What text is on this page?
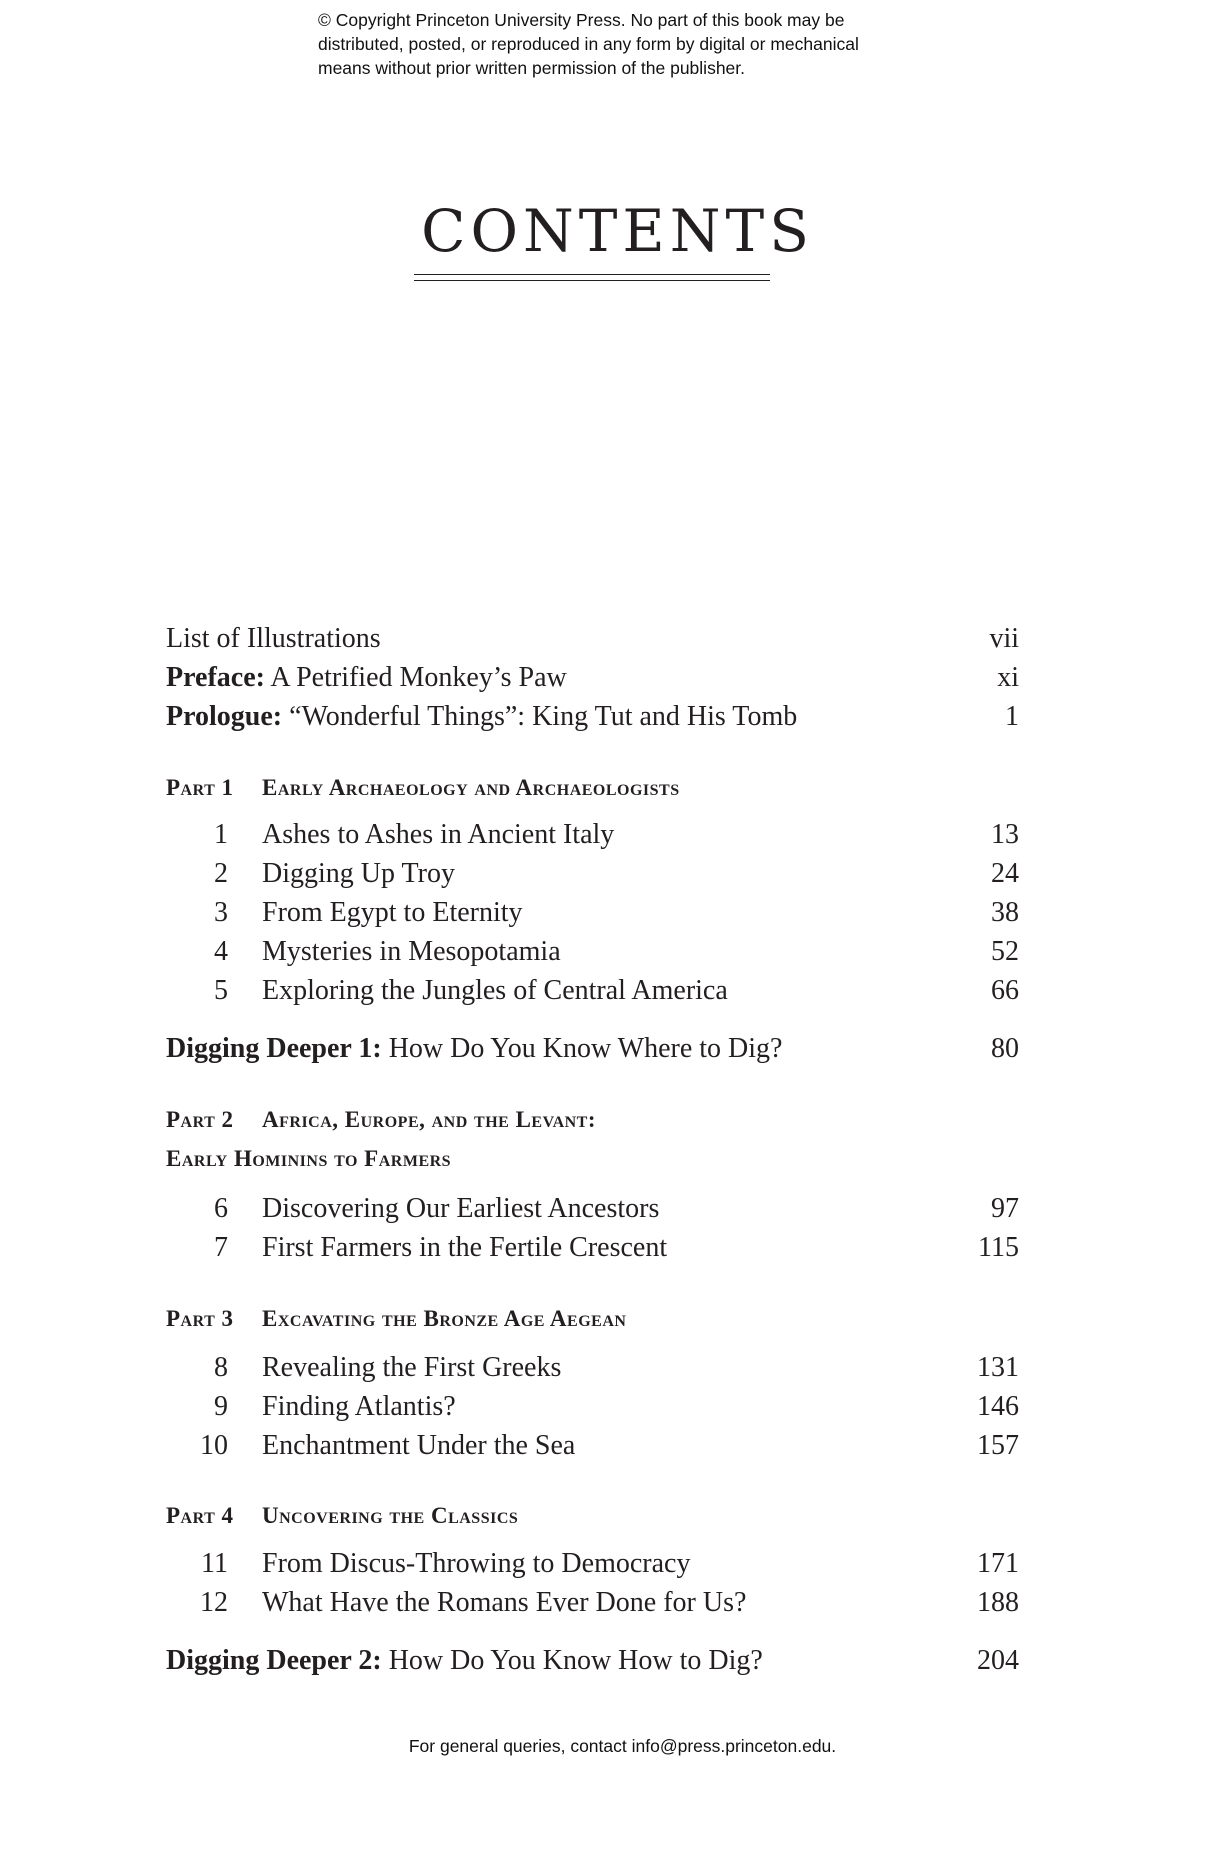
© Copyright Princeton University Press. No part of this book may be
distributed, posted, or reproduced in any form by digital or mechanical
means without prior written permission of the publisher.
CONTENTS
List of Illustrations	vii
Preface: A Petrified Monkey’s Paw	xi
Prologue: “Wonderful Things”: King Tut and His Tomb	1
Part 1 Early Archaeology and Archaeologists
1 Ashes to Ashes in Ancient Italy	13
2 Digging Up Troy	24
3 From Egypt to Eternity	38
4 Mysteries in Mesopotamia	52
5 Exploring the Jungles of Central America	66
Digging Deeper 1: How Do You Know Where to Dig?	80
Part 2 Africa, Europe, and the Levant:
Early Hominins to Farmers
6 Discovering Our Earliest Ancestors	97
7 First Farmers in the Fertile Crescent	115
Part 3 Excavating the Bronze Age Aegean
8 Revealing the First Greeks	131
9 Finding Atlantis?	146
10 Enchantment Under the Sea	157
Part 4 Uncovering the Classics
11 From Discus-Throwing to Democracy	171
12 What Have the Romans Ever Done for Us?	188
Digging Deeper 2: How Do You Know How to Dig?	204
For general queries, contact info@press.princeton.edu.
